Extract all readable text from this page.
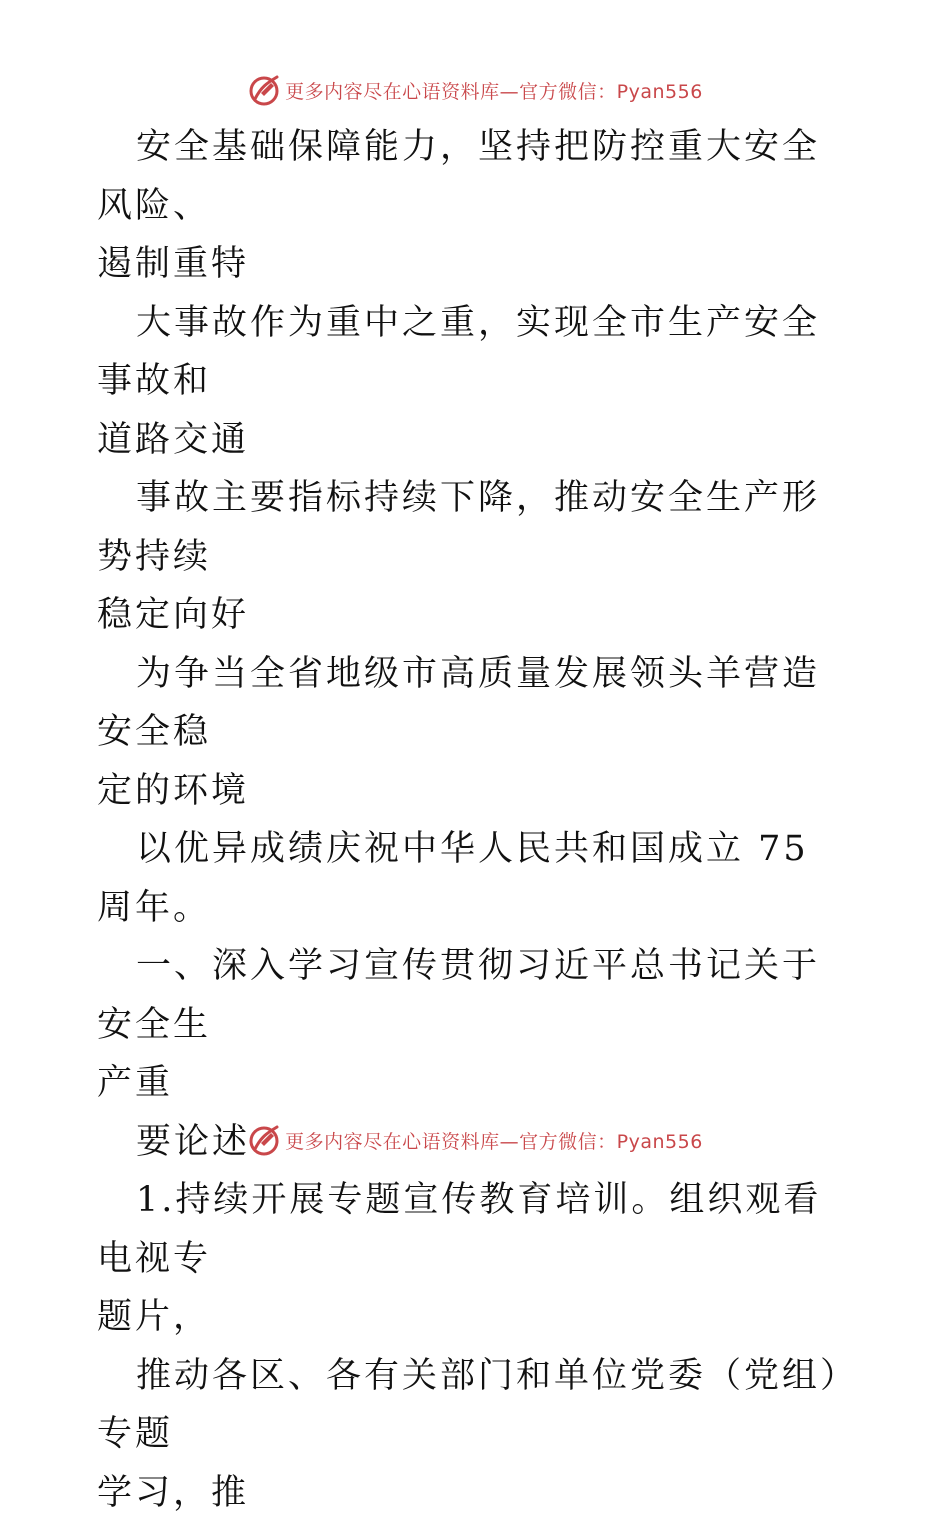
更多内容尽在心语资料库—官方微信：Pyan556

安全基础保障能力，坚持把防控重大安全风险、
遏制重特

大事故作为重中之重，实现全市生产安全事故和
道路交通

事故主要指标持续下降，推动安全生产形势持续
稳定向好

为争当全省地级市高质量发展领头羊营造安全稳
定的环境

以优异成绩庆祝中华人民共和国成立 75 周年。

一、深入学习宣传贯彻习近平总书记关于安全生
产重

要论述

1.持续开展专题宣传教育培训。组织观看电视专
题片，

推动各区、各有关部门和单位党委（党组）专题
学习，推

更多内容尽在心语资料库—官方微信：Pyan556
